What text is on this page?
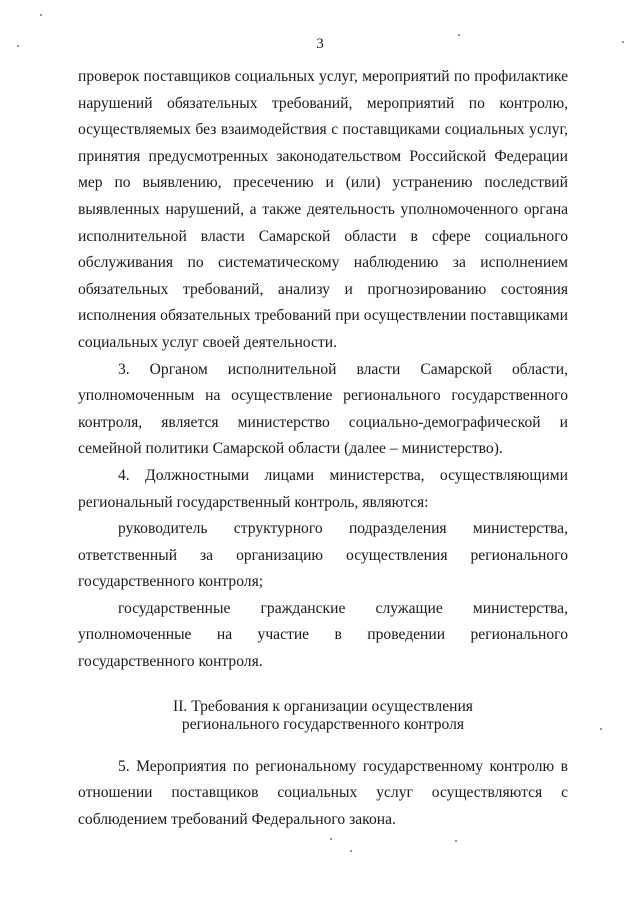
3

проверок поставщиков социальных услуг, мероприятий по профилактике нарушений обязательных требований, мероприятий по контролю, осуществляемых без взаимодействия с поставщиками социальных услуг, принятия предусмотренных законодательством Российской Федерации мер по выявлению, пресечению и (или) устранению последствий выявленных нарушений, а также деятельность уполномоченного органа исполнительной власти Самарской области в сфере социального обслуживания по систематическому наблюдению за исполнением обязательных требований, анализу и прогнозированию состояния исполнения обязательных требований при осуществлении поставщиками социальных услуг своей деятельности.

3. Органом исполнительной власти Самарской области, уполномоченным на осуществление регионального государственного контроля, является министерство социально-демографической и семейной политики Самарской области (далее – министерство).

4. Должностными лицами министерства, осуществляющими региональный государственный контроль, являются:

руководитель структурного подразделения министерства, ответственный за организацию осуществления регионального государственного контроля;

государственные гражданские служащие министерства, уполномоченные на участие в проведении регионального государственного контроля.

II. Требования к организации осуществления
регионального государственного контроля

5. Мероприятия по региональному государственному контролю в отношении поставщиков социальных услуг осуществляются с соблюдением требований Федерального закона.
